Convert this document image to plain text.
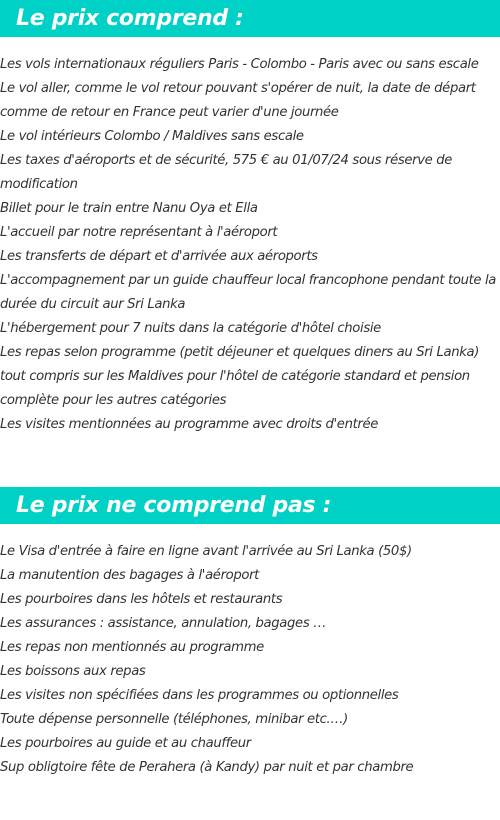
Le prix comprend :
Les vols internationaux réguliers Paris - Colombo - Paris avec ou sans escale
Le vol aller, comme le vol retour pouvant s'opérer de nuit, la date de départ comme de retour en France peut varier d'une journée
Le vol intérieurs Colombo / Maldives sans escale
Les taxes d'aéroports et de sécurité, 575 € au 01/07/24 sous réserve de modification
Billet pour le train entre Nanu Oya et Ella
L'accueil par notre représentant à l'aéroport
Les transferts de départ et d'arrivée aux aéroports
L'accompagnement par un guide chauffeur local francophone pendant toute la durée du circuit aur Sri Lanka
L'hébergement pour 7 nuits dans la catégorie d'hôtel choisie
Les repas selon programme (petit déjeuner et quelques diners au Sri Lanka) tout compris sur les Maldives pour l'hôtel de catégorie standard et pension complète pour les autres catégories
Les visites mentionnées au programme avec droits d'entrée
Le prix ne comprend pas :
Le Visa d'entrée à faire en ligne avant l'arrivée au Sri Lanka (50$)
La manutention des bagages à l'aéroport
Les pourboires dans les hôtels et restaurants
Les assurances : assistance, annulation, bagages …
Les repas non mentionnés au programme
Les boissons aux repas
Les visites non spécifiées dans les programmes ou optionnelles
Toute dépense personnelle (téléphones, minibar etc.…)
Les pourboires au guide et au chauffeur
Sup obligtoire fête de Perahera (à Kandy) par nuit et par chambre
